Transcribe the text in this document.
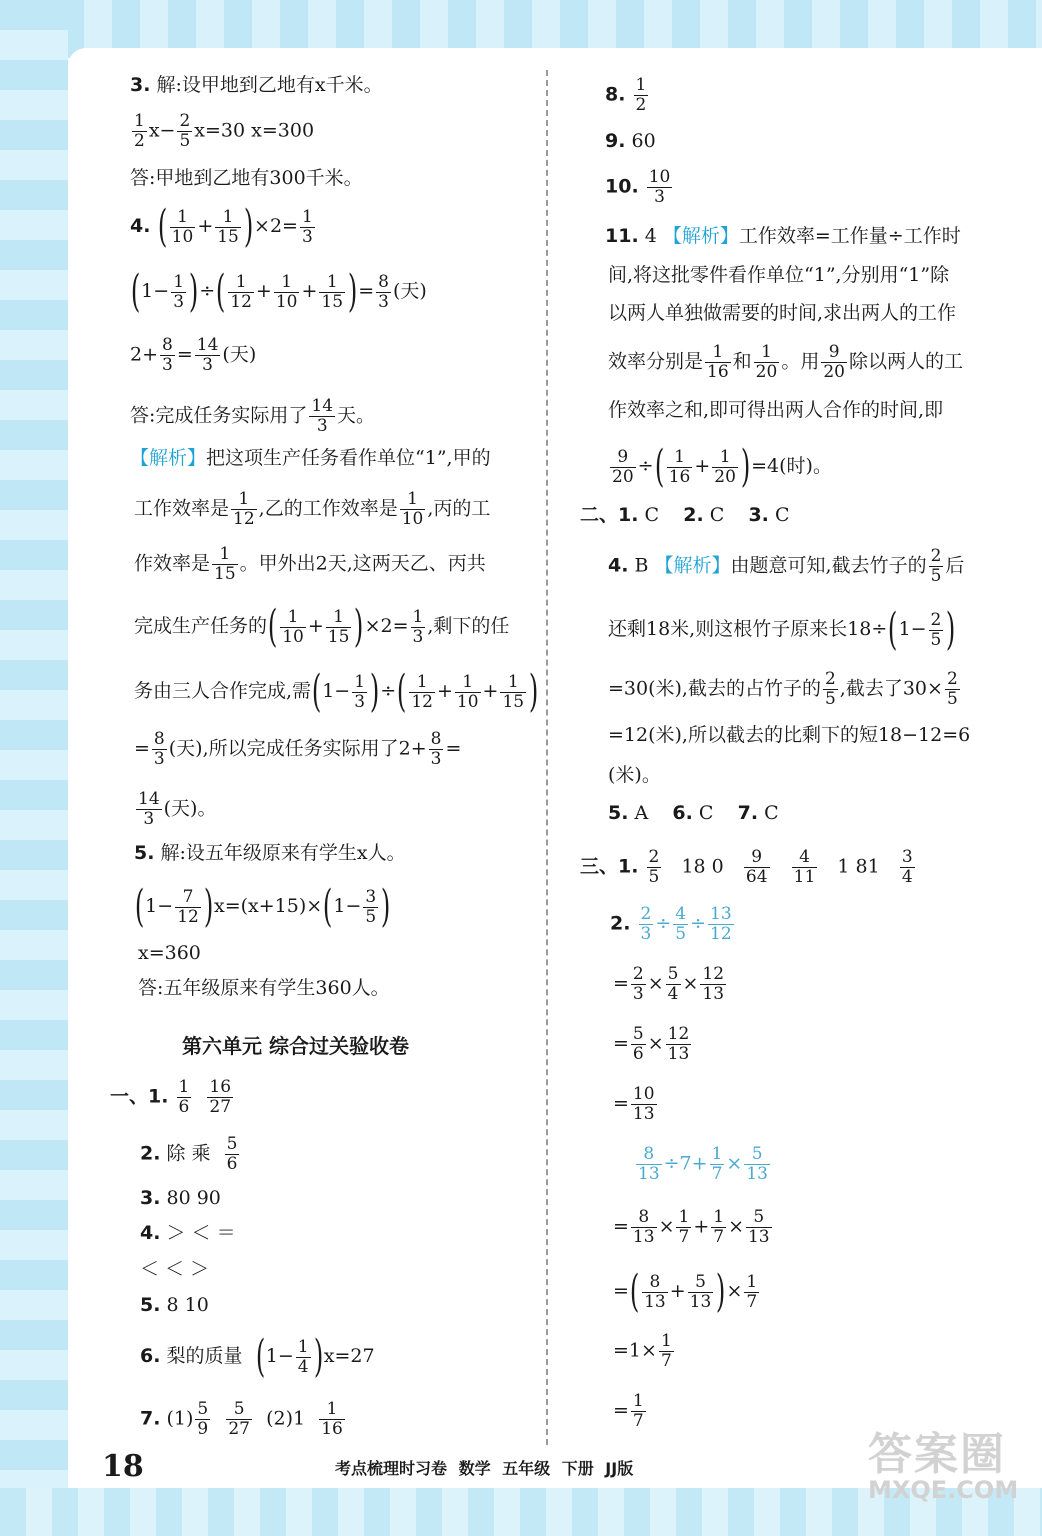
3. 解:设甲地到乙地有x千米。
$\frac{1}{2} x- \frac{2}{5} x=30$ x=300
答:甲地到乙地有300千米。
4. ( $\frac{1}{10} + \frac{1}{15} )\times 2= \frac{1}{3}$
($1- \frac{1}{3}$ )÷( $\frac{1}{12} + \frac{1}{10} + \frac{1}{15}$ )= $\frac{8}{3}$ (天)
$2+ \frac{8}{3} = \frac{14}{3}$ (天)
答:完成任务实际用了 $\frac{14}{3}$ 天。
【解析】把这项生产任务看作单位“1”,甲的
工作效率是 $\frac{1}{12}$ ,乙的工作效率是 $\frac{1}{10}$ ,丙的工
作效率是 $\frac{1}{15}$ 。甲外出2天,这两天乙、丙共
完成生产任务的( $\frac{1}{10} + \frac{1}{15} )\times 2= \frac{1}{3}$ ,剩下的任
务由三人合作完成,需($1- \frac{1}{3}$ )÷( $\frac{1}{12} + \frac{1}{10} + \frac{1}{15}$ )
= $\frac{8}{3}$ (天),所以完成任务实际用了$2+ \frac{8}{3}$ =
$\frac{14}{3}$ (天)。
5. 解:设五年级原来有学生x人。
$(1- \frac{7}{12} )x=(x+15)\times(1- \frac{3}{5}$ )
x=360
答:五年级原来有学生360人。
第六单元 综合过关验收卷
一、1. $\frac{1}{6}$
$\frac{16}{27}$
2. 除 乘 $\frac{5}{6}$
3. 80 90
4. ＞ ＜ ＝
＜ ＜ ＞
5. 8 10
6. 梨的质量 $(1- \frac{1}{4} )x=27$
7. $(1) \frac{5}{9}$
$\frac{5}{27} (2)1 \frac{1}{16}$
8. $\frac{1}{2}$
9. 60
10. $\frac{10}{3}$
11. 4 【解析】工作效率=工作量÷工作时
间,将这批零件看作单位“1”,分别用“1”除
以两人单独做需要的时间,求出两人的工作
效率分别是 $\frac{1}{16}$ 和 $\frac{1}{20}$ 。用 $\frac{9}{20}$ 除以两人的工
作效率之和,即可得出两人合作的时间,即
$\frac{9}{20}$ ÷( $\frac{1}{16} + \frac{1}{20} )=4$(时)。
二、1. C 2. C 3. C
4. B 【解析】由题意可知,截去竹子的 $\frac{2}{5}$ 后
还剩18米,则这根竹子原来长$18\div(1- \frac{2}{5}$ )
=30(米),截去的占竹子的 $\frac{2}{5}$ ,截去了$30\times \frac{2}{5}$
=12(米),所以截去的比剩下的短18−12=6
(米)。
5. A 6. C 7. C
三、1. $\frac{2}{5} 18$ $0 \frac{9}{64}$
$\frac{4}{11} 1$ $81 \frac{3}{4}$
2. $\frac{2}{3} \div \frac{4}{5} \div \frac{13}{12}$
= $\frac{2}{3} \times \frac{5}{4} \times \frac{12}{13}$
= $\frac{5}{6} \times \frac{12}{13}$
= $\frac{10}{13}$
$\frac{8}{13} \div 7+ \frac{1}{7} \times \frac{5}{13}$
= $\frac{8}{13} \times \frac{1}{7} + \frac{1}{7} \times \frac{5}{13}$
=( $\frac{8}{13} + \frac{5}{13}$ )× $\frac{1}{7}$
$=1\times \frac{1}{7}$
= $\frac{1}{7}$
18	考点梳理时习卷 数学 五年级 下册 JJ版	答案圈
MXQE.COM
